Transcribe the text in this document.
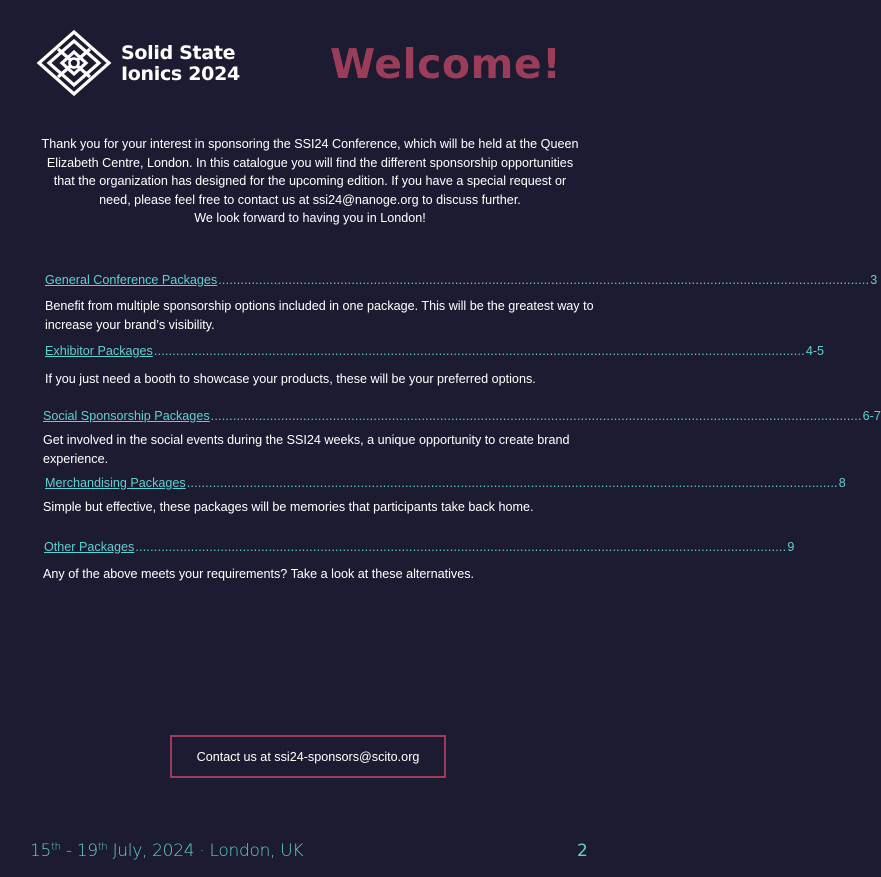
Solid State
Ionics 2024 Welcome!
Thank you for your interest in sponsoring the SSI24 Conference, which will be held at the Queen
Elizabeth Centre, London. In this catalogue you will find the different sponsorship opportunities
that the organization has designed for the upcoming edition. If you have a special request or
need, please feel free to contact us at ssi24@nanoge.org to discuss further.
We look forward to having you in London!
General Conference Packages ................................................................................................................................................................................ 3
Benefit from multiple sponsorship options included in one package. This will be the greatest way to increase your brand’s visibility.
Exhibitor Packages ................................................................................................................................................................................ 4-5
If you just need a booth to showcase your products, these will be your preferred options.
Social Sponsorship Packages ................................................................................................................................................................................ 6-7
Get involved in the social events during the SSI24 weeks, a unique opportunity to create brand experience.
Merchandising Packages ................................................................................................................................................................................ 8
Simple but effective, these packages will be memories that participants take back home.
Other Packages ................................................................................................................................................................................ 9
Any of the above meets your requirements? Take a look at these alternatives.
Contact us at ssi24-sponsors@scito.org
15th - 19th July, 2024 · London, UK	2
